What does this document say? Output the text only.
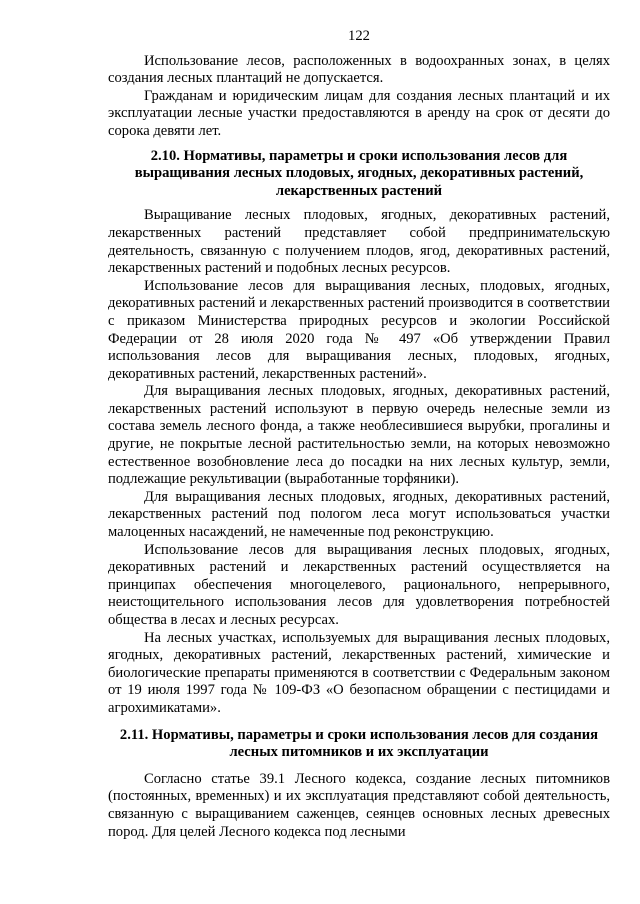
122

Использование лесов, расположенных в водоохранных зонах, в целях создания лесных плантаций не допускается.

Гражданам и юридическим лицам для создания лесных плантаций и их эксплуатации лесные участки предоставляются в аренду на срок от десяти до сорока девяти лет.

2.10. Нормативы, параметры и сроки использования лесов для выращивания лесных плодовых, ягодных, декоративных растений, лекарственных растений

Выращивание лесных плодовых, ягодных, декоративных растений, лекарственных растений представляет собой предпринимательскую деятельность, связанную с получением плодов, ягод, декоративных растений, лекарственных растений и подобных лесных ресурсов.

Использование лесов для выращивания лесных, плодовых, ягодных, декоративных растений и лекарственных растений производится в соответствии с приказом Министерства природных ресурсов и экологии Российской Федерации от 28 июля 2020 года № 497 «Об утверждении Правил использования лесов для выращивания лесных, плодовых, ягодных, декоративных растений, лекарственных растений».

Для выращивания лесных плодовых, ягодных, декоративных растений, лекарственных растений используют в первую очередь нелесные земли из состава земель лесного фонда, а также необлесившиеся вырубки, прогалины и другие, не покрытые лесной растительностью земли, на которых невозможно естественное возобновление леса до посадки на них лесных культур, земли, подлежащие рекультивации (выработанные торфяники).

Для выращивания лесных плодовых, ягодных, декоративных растений, лекарственных растений под пологом леса могут использоваться участки малоценных насаждений, не намеченные под реконструкцию.

Использование лесов для выращивания лесных плодовых, ягодных, декоративных растений и лекарственных растений осуществляется на принципах обеспечения многоцелевого, рационального, непрерывного, неистощительного использования лесов для удовлетворения потребностей общества в лесах и лесных ресурсах.

На лесных участках, используемых для выращивания лесных плодовых, ягодных, декоративных растений, лекарственных растений, химические и биологические препараты применяются в соответствии с Федеральным законом от 19 июля 1997 года № 109-ФЗ «О безопасном обращении с пестицидами и агрохимикатами».

2.11. Нормативы, параметры и сроки использования лесов для создания лесных питомников и их эксплуатации

Согласно статье 39.1 Лесного кодекса, создание лесных питомников (постоянных, временных) и их эксплуатация представляют собой деятельность, связанную с выращиванием саженцев, сеянцев основных лесных древесных пород. Для целей Лесного кодекса под лесными
